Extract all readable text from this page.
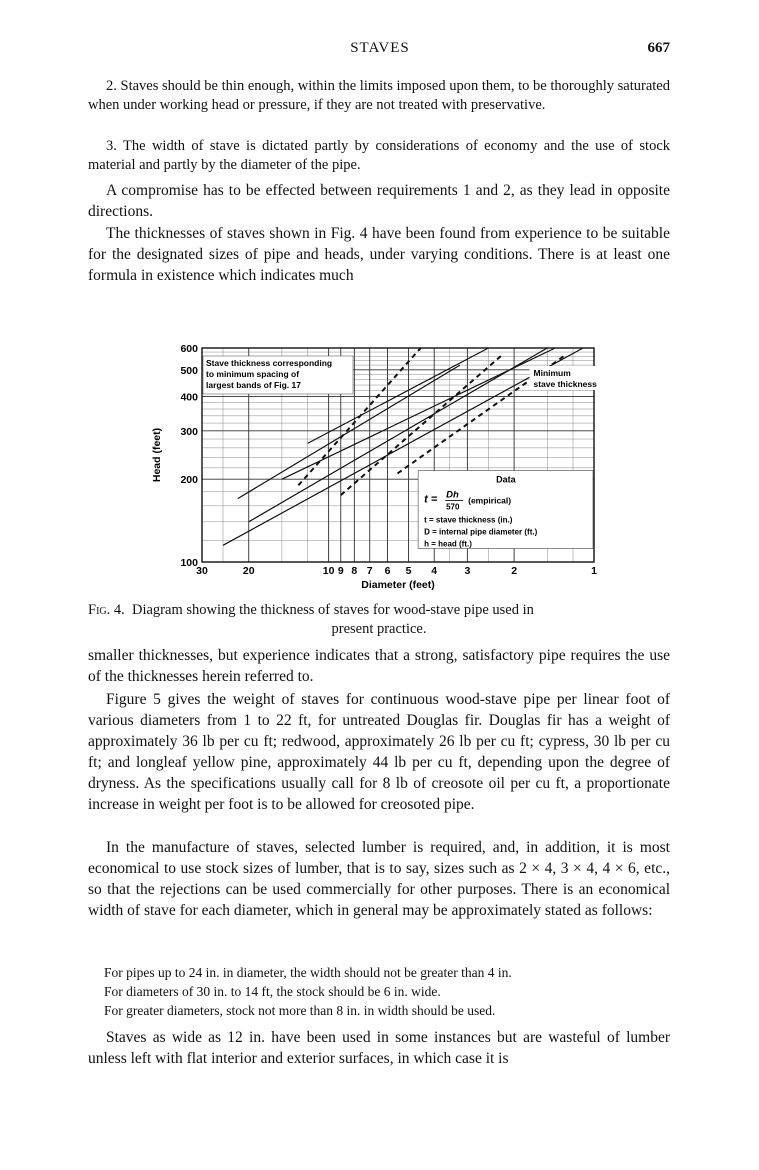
STAVES	667
2. Staves should be thin enough, within the limits imposed upon them, to be thoroughly saturated when under working head or pressure, if they are not treated with preservative.
3. The width of stave is dictated partly by considerations of economy and the use of stock material and partly by the diameter of the pipe.
A compromise has to be effected between requirements 1 and 2, as they lead in opposite directions.
The thicknesses of staves shown in Fig. 4 have been found from experience to be suitable for the designated sizes of pipe and heads, under varying conditions. There is at least one formula in existence which indicates much
30	20	10 9 8 7 6 5 4	3	2	1
100
200
300
400
500
600
Diameter (feet)
Head (feet)
Stave thickness corresponding
to minimum spacing of
largest bands of Fig. 17
Minimum
stave thickness
Data
t = Dh
570
(empirical)
t = stave thickness (in.)
D = internal pipe diameter (ft.)
h = head (ft.)
Fig. 4. Diagram showing the thickness of staves for wood-stave pipe used in
present practice.
smaller thicknesses, but experience indicates that a strong, satisfactory pipe requires the use of the thicknesses herein referred to.
Figure 5 gives the weight of staves for continuous wood-stave pipe per linear foot of various diameters from 1 to 22 ft, for untreated Douglas fir. Douglas fir has a weight of approximately 36 lb per cu ft; redwood, approximately 26 lb per cu ft; cypress, 30 lb per cu ft; and longleaf yellow pine, approximately 44 lb per cu ft, depending upon the degree of dryness. As the specifications usually call for 8 lb of creosote oil per cu ft, a proportionate increase in weight per foot is to be allowed for creosoted pipe.
In the manufacture of staves, selected lumber is required, and, in addition, it is most economical to use stock sizes of lumber, that is to say, sizes such as 2 × 4, 3 × 4, 4 × 6, etc., so that the rejections can be used commercially for other purposes. There is an economical width of stave for each diameter, which in general may be approximately stated as follows:
For pipes up to 24 in. in diameter, the width should not be greater than 4 in.
For diameters of 30 in. to 14 ft, the stock should be 6 in. wide.
For greater diameters, stock not more than 8 in. in width should be used.
Staves as wide as 12 in. have been used in some instances but are wasteful of lumber unless left with flat interior and exterior surfaces, in which case it is
